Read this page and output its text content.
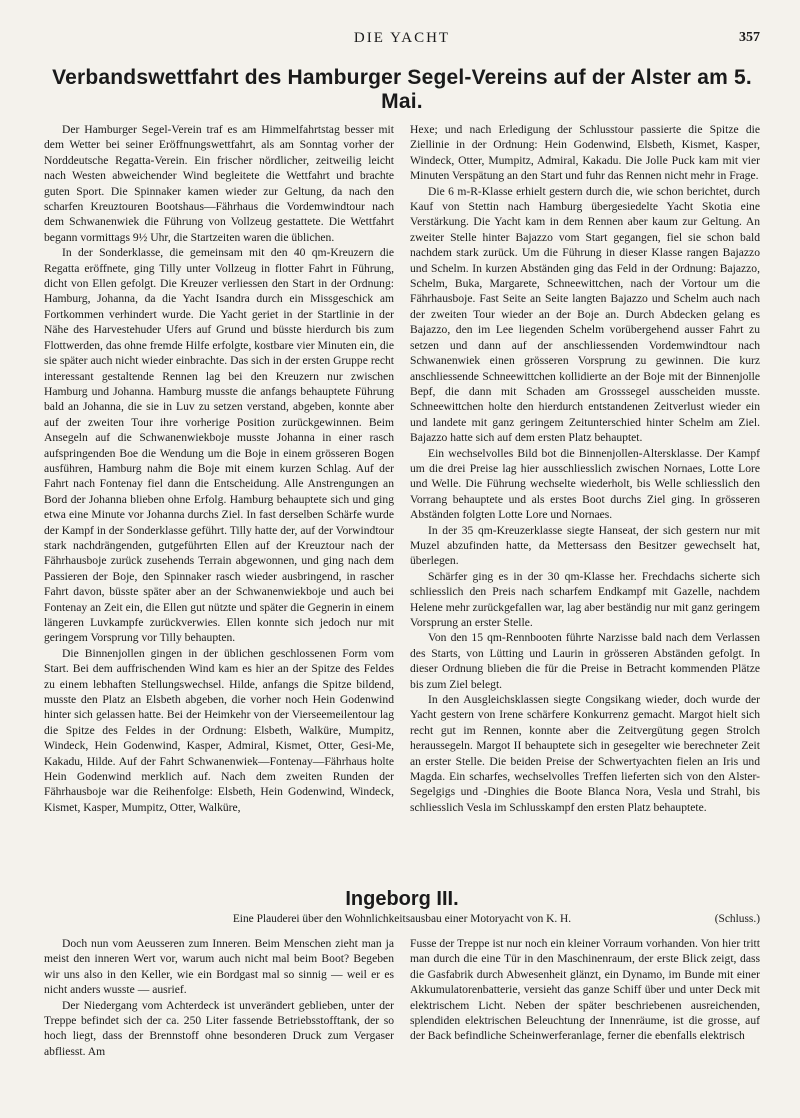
DIE YACHT	357
Verbandswettfahrt des Hamburger Segel-Vereins auf der Alster am 5. Mai.

Der Hamburger Segel-Verein traf es am Himmelfahrtstag besser mit dem Wetter bei seiner Eröffnungswettfahrt, als am Sonntag vorher der Norddeutsche Regatta-Verein. Ein frischer nördlicher, zeitweilig leicht nach Westen abweichender Wind begleitete die Wettfahrt und brachte guten Sport. Die Spinnaker kamen wieder zur Geltung, da nach den scharfen Kreuztouren Bootshaus—Fährhaus die Vordemwindtour nach dem Schwanenwiek die Führung von Vollzeug gestattete. Die Wettfahrt begann vormittags 9½ Uhr, die Startzeiten waren die üblichen.

In der Sonderklasse, die gemeinsam mit den 40 qm-Kreuzern die Regatta eröffnete, ging Tilly unter Vollzeug in flotter Fahrt in Führung, dicht von Ellen gefolgt. Die Kreuzer verliessen den Start in der Ordnung: Hamburg, Johanna, da die Yacht Isandra durch ein Missgeschick am Fortkommen verhindert wurde. Die Yacht geriet in der Startlinie in der Nähe des Harvestehuder Ufers auf Grund und büsste hierdurch bis zum Flottwerden, das ohne fremde Hilfe erfolgte, kostbare vier Minuten ein, die sie später auch nicht wieder einbrachte. Das sich in der ersten Gruppe recht interessant gestaltende Rennen lag bei den Kreuzern nur zwischen Hamburg und Johanna. Hamburg musste die anfangs behauptete Führung bald an Johanna, die sie in Luv zu setzen verstand, abgeben, konnte aber auf der zweiten Tour ihre vorherige Position zurückgewinnen. Beim Ansegeln auf die Schwanenwiekboje musste Johanna in einer rasch aufspringenden Boe die Wendung um die Boje in einem grösseren Bogen ausführen, Hamburg nahm die Boje mit einem kurzen Schlag. Auf der Fahrt nach Fontenay fiel dann die Entscheidung. Alle Anstrengungen an Bord der Johanna blieben ohne Erfolg. Hamburg behauptete sich und ging etwa eine Minute vor Johanna durchs Ziel. In fast derselben Schärfe wurde der Kampf in der Sonderklasse geführt. Tilly hatte der, auf der Vorwindtour stark nachdrängenden, gutgeführten Ellen auf der Kreuztour nach der Fährhausboje zurück zusehends Terrain abgewonnen, und ging nach dem Passieren der Boje, den Spinnaker rasch wieder ausbringend, in rascher Fahrt davon, büsste später aber an der Schwanenwiekboje und auch bei Fontenay an Zeit ein, die Ellen gut nützte und später die Gegnerin in einem längeren Luvkampfe zurückverwies. Ellen konnte sich jedoch nur mit geringem Vorsprung vor Tilly behaupten.

Die Binnenjollen gingen in der üblichen geschlossenen Form vom Start. Bei dem auffrischenden Wind kam es hier an der Spitze des Feldes zu einem lebhaften Stellungswechsel. Hilde, anfangs die Spitze bildend, musste den Platz an Elsbeth abgeben, die vorher noch Hein Godenwind hinter sich gelassen hatte. Bei der Heimkehr von der Vierseemeilentour lag die Spitze des Feldes in der Ordnung: Elsbeth, Walküre, Mumpitz, Windeck, Hein Godenwind, Kasper, Admiral, Kismet, Otter, Gesi-Me, Kakadu, Hilde. Auf der Fahrt Schwanenwiek—Fontenay—Fährhaus holte Hein Godenwind merklich auf. Nach dem zweiten Runden der Fährhausboje war die Reihenfolge: Elsbeth, Hein Godenwind, Windeck, Kismet, Kasper, Mumpitz, Otter, Walküre,

Hexe; und nach Erledigung der Schlusstour passierte die Spitze die Ziellinie in der Ordnung: Hein Godenwind, Elsbeth, Kismet, Kasper, Windeck, Otter, Mumpitz, Admiral, Kakadu. Die Jolle Puck kam mit vier Minuten Verspätung an den Start und fuhr das Rennen nicht mehr in Frage.

Die 6 m-R-Klasse erhielt gestern durch die, wie schon berichtet, durch Kauf von Stettin nach Hamburg übergesiedelte Yacht Skotia eine Verstärkung. Die Yacht kam in dem Rennen aber kaum zur Geltung. An zweiter Stelle hinter Bajazzo vom Start gegangen, fiel sie schon bald nachdem stark zurück. Um die Führung in dieser Klasse rangen Bajazzo und Schelm. In kurzen Abständen ging das Feld in der Ordnung: Bajazzo, Schelm, Buka, Margarete, Schneewittchen, nach der Vortour um die Fährhausboje. Fast Seite an Seite langten Bajazzo und Schelm auch nach der zweiten Tour wieder an der Boje an. Durch Abdecken gelang es Bajazzo, den im Lee liegenden Schelm vorübergehend ausser Fahrt zu setzen und dann auf der anschliessenden Vordemwindtour nach Schwanenwiek einen grösseren Vorsprung zu gewinnen. Die kurz anschliessende Schneewittchen kollidierte an der Boje mit der Binnenjolle Bepf, die dann mit Schaden am Grosssegel ausscheiden musste. Schneewittchen holte den hierdurch entstandenen Zeitverlust wieder ein und landete mit ganz geringem Zeitunterschied hinter Schelm am Ziel. Bajazzo hatte sich auf dem ersten Platz behauptet.

Ein wechselvolles Bild bot die Binnenjollen-Altersklasse. Der Kampf um die drei Preise lag hier ausschliesslich zwischen Nornaes, Lotte Lore und Welle. Die Führung wechselte wiederholt, bis Welle schliesslich den Vorrang behauptete und als erstes Boot durchs Ziel ging. In grösseren Abständen folgten Lotte Lore und Nornaes.

In der 35 qm-Kreuzerklasse siegte Hanseat, der sich gestern nur mit Muzel abzufinden hatte, da Mettersass den Besitzer gewechselt hat, überlegen.

Schärfer ging es in der 30 qm-Klasse her. Frechdachs sicherte sich schliesslich den Preis nach scharfem Endkampf mit Gazelle, nachdem Helene mehr zurückgefallen war, lag aber beständig nur mit ganz geringem Vorsprung an erster Stelle.

Von den 15 qm-Rennbooten führte Narzisse bald nach dem Verlassen des Starts, von Lütting und Laurin in grösseren Abständen gefolgt. In dieser Ordnung blieben die für die Preise in Betracht kommenden Plätze bis zum Ziel belegt.

In den Ausgleichsklassen siegte Congsikang wieder, doch wurde der Yacht gestern von Irene schärfere Konkurrenz gemacht. Margot hielt sich recht gut im Rennen, konnte aber die Zeitvergütung gegen Strolch heraussegeln. Margot II behauptete sich in gesegelter wie berechneter Zeit an erster Stelle. Die beiden Preise der Schwertyachten fielen an Iris und Magda. Ein scharfes, wechselvolles Treffen lieferten sich von den Alster-Segelgigs und -Dinghies die Boote Blanca Nora, Vesla und Strahl, bis schliesslich Vesla im Schlusskampf den ersten Platz behauptete.

Ingeborg III.
Eine Plauderei über den Wohnlichkeitsausbau einer Motoryacht von K. H.	(Schluss.)

Doch nun vom Aeusseren zum Inneren. Beim Menschen zieht man ja meist den inneren Wert vor, warum auch nicht mal beim Boot? Begeben wir uns also in den Keller, wie ein Bordgast mal so sinnig — weil er es nicht anders wusste — ausrief.

Der Niedergang vom Achterdeck ist unverändert geblieben, unter der Treppe befindet sich der ca. 250 Liter fassende Betriebsstofftank, der so hoch liegt, dass der Brennstoff ohne besonderen Druck zum Vergaser abfliesst. Am

Fusse der Treppe ist nur noch ein kleiner Vorraum vorhanden. Von hier tritt man durch die eine Tür in den Maschinenraum, der erste Blick zeigt, dass die Gasfabrik durch Abwesenheit glänzt, ein Dynamo, im Bunde mit einer Akkumulatorenbatterie, versieht das ganze Schiff über und unter Deck mit elektrischem Licht. Neben der später beschriebenen ausreichenden, splendiden elektrischen Beleuchtung der Innenräume, ist die grosse, auf der Back befindliche Scheinwerferanlage, ferner die ebenfalls elektrisch
